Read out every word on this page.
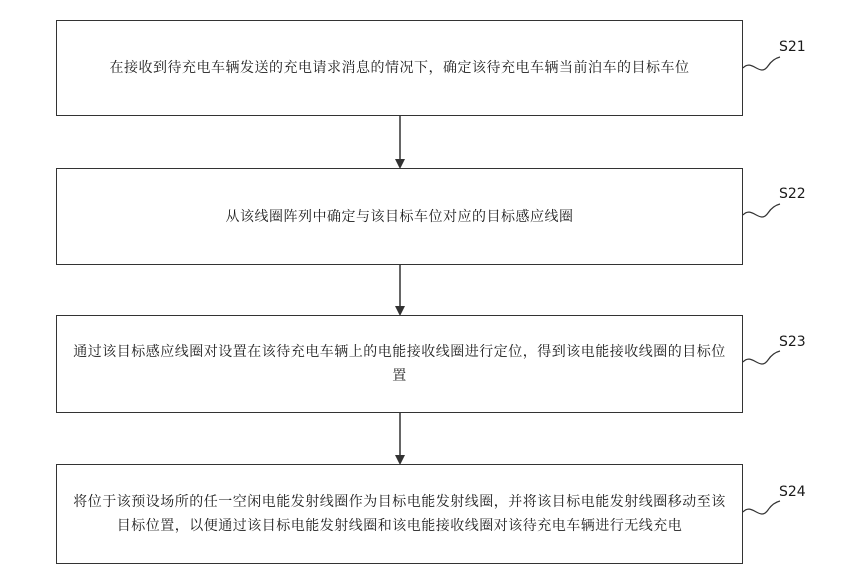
在接收到待充电车辆发送的充电请求消息的情况下，确定该待充电车辆当前泊车的目标车位
从该线圈阵列中确定与该目标车位对应的目标感应线圈
通过该目标感应线圈对设置在该待充电车辆上的电能接收线圈进行定位，得到该电能接收线圈的目标位置
将位于该预设场所的任一空闲电能发射线圈作为目标电能发射线圈，并将该目标电能发射线圈移动至该目标位置，以便通过该目标电能发射线圈和该电能接收线圈对该待充电车辆进行无线充电
S21
S22
S23
S24
